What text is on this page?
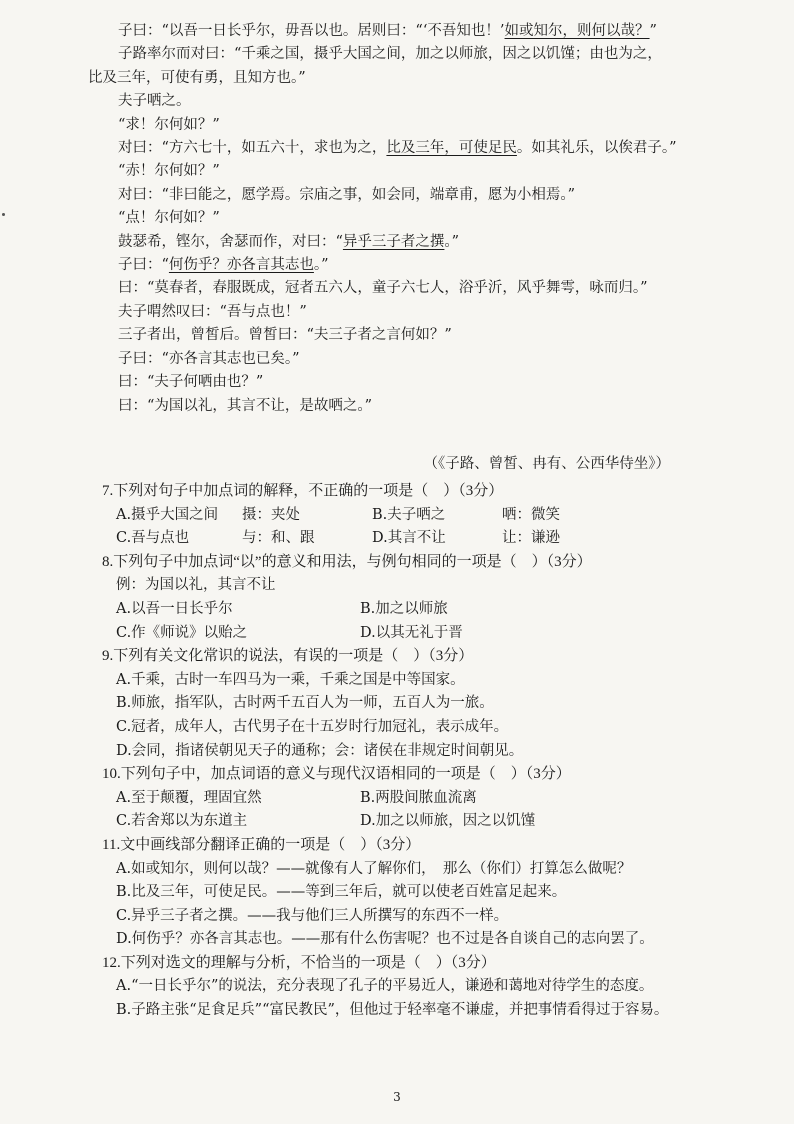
子曰：“以吾一日长乎尔，毋吾以也。居则曰：“‘不吾知也！’如或知尔，则何以哉？”
子路率尔而对曰：“千乘之国，摄乎大国之间，加之以师旅，因之以饥馑；由也为之，
比及三年，可使有勇，且知方也。”
夫子哂之。
“求！尔何如？”
对曰：“方六七十，如五六十，求也为之，比及三年，可使足民。如其礼乐，以俟君子。”
“赤！尔何如？”
对曰：“非曰能之，愿学焉。宗庙之事，如会同，端章甫，愿为小相焉。”
“点！尔何如？”
鼓瑟希，铿尔，舍瑟而作，对曰：“异乎三子者之撰。”
子曰：“何伤乎？亦各言其志也。”
曰：“莫春者，春服既成，冠者五六人，童子六七人，浴乎沂，风乎舞雩，咏而归。”
夫子喟然叹曰：“吾与点也！”
三子者出，曾皙后。曾皙曰：“夫三子者之言何如？”
子曰：“亦各言其志也已矣。”
曰：“夫子何哂由也？”
曰：“为国以礼，其言不让，是故哂之。”
（《子路、曾皙、冉有、公西华侍坐》）
7.下列对句子中加点词的解释，不正确的一项是（　）（3分）
A.摄乎大国之间	摄：夹处	B.夫子哂之	哂：微笑
C.吾与点也	与：和、跟	D.其言不让	让：谦逊
8.下列句子中加点词“以”的意义和用法，与例句相同的一项是（　）（3分）
例：为国以礼，其言不让
A.以吾一日长乎尔	B.加之以师旅
C.作《师说》以贻之	D.以其无礼于晋
9.下列有关文化常识的说法，有误的一项是（　）（3分）
A.千乘，古时一车四马为一乘，千乘之国是中等国家。
B.师旅，指军队，古时两千五百人为一师，五百人为一旅。
C.冠者，成年人，古代男子在十五岁时行加冠礼，表示成年。
D.会同，指诸侯朝见天子的通称；会：诸侯在非规定时间朝见。
10.下列句子中，加点词语的意义与现代汉语相同的一项是（　）（3分）
A.至于颠覆，理固宜然	B.两股间脓血流离
C.若舍郑以为东道主	D.加之以师旅，因之以饥馑
11.文中画线部分翻译正确的一项是（　）（3分）
A.如或知尔，则何以哉？——就像有人了解你们，　那么（你们）打算怎么做呢？
B.比及三年，可使足民。——等到三年后，就可以使老百姓富足起来。
C.异乎三子者之撰。——我与他们三人所撰写的东西不一样。
D.何伤乎？亦各言其志也。——那有什么伤害呢？也不过是各自谈自己的志向罢了。
12.下列对选文的理解与分析，不恰当的一项是（　）（3分）
A.“一日长乎尔”的说法，充分表现了孔子的平易近人，谦逊和蔼地对待学生的态度。
B.子路主张“足食足兵”“富民教民”，但他过于轻率毫不谦虚，并把事情看得过于容易。
3
